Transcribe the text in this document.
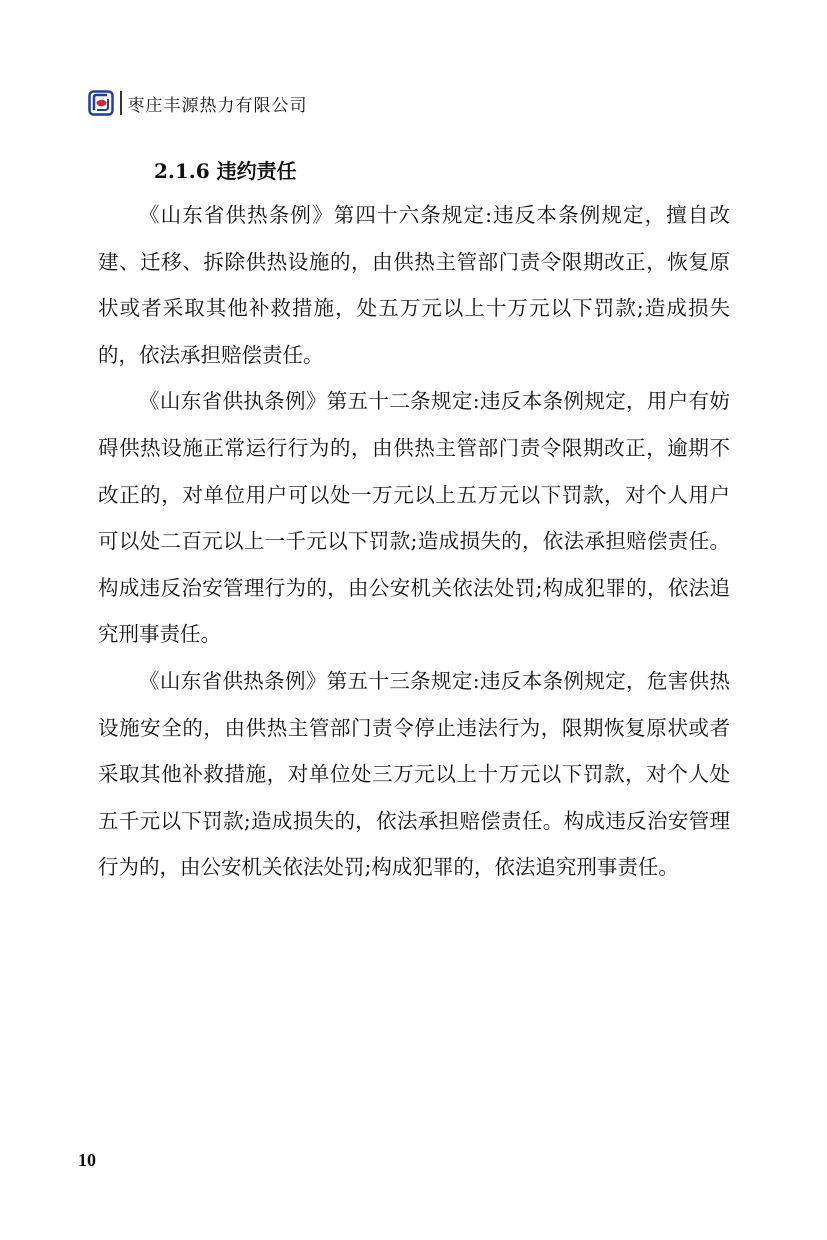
枣庄丰源热力有限公司
2.1.6 违约责任

《山东省供热条例》第四十六条规定:违反本条例规定，擅自改建、迁移、拆除供热设施的，由供热主管部门责令限期改正，恢复原状或者采取其他补救措施，处五万元以上十万元以下罚款;造成损失的，依法承担赔偿责任。

《山东省供执条例》第五十二条规定:违反本条例规定，用户有妨碍供热设施正常运行行为的，由供热主管部门责令限期改正，逾期不改正的，对单位用户可以处一万元以上五万元以下罚款，对个人用户可以处二百元以上一千元以下罚款;造成损失的，依法承担赔偿责任。构成违反治安管理行为的，由公安机关依法处罚;构成犯罪的，依法追究刑事责任。

《山东省供热条例》第五十三条规定:违反本条例规定，危害供热设施安全的，由供热主管部门责令停止违法行为，限期恢复原状或者采取其他补救措施，对单位处三万元以上十万元以下罚款，对个人处五千元以下罚款;造成损失的，依法承担赔偿责任。构成违反治安管理行为的，由公安机关依法处罚;构成犯罪的，依法追究刑事责任。

10
